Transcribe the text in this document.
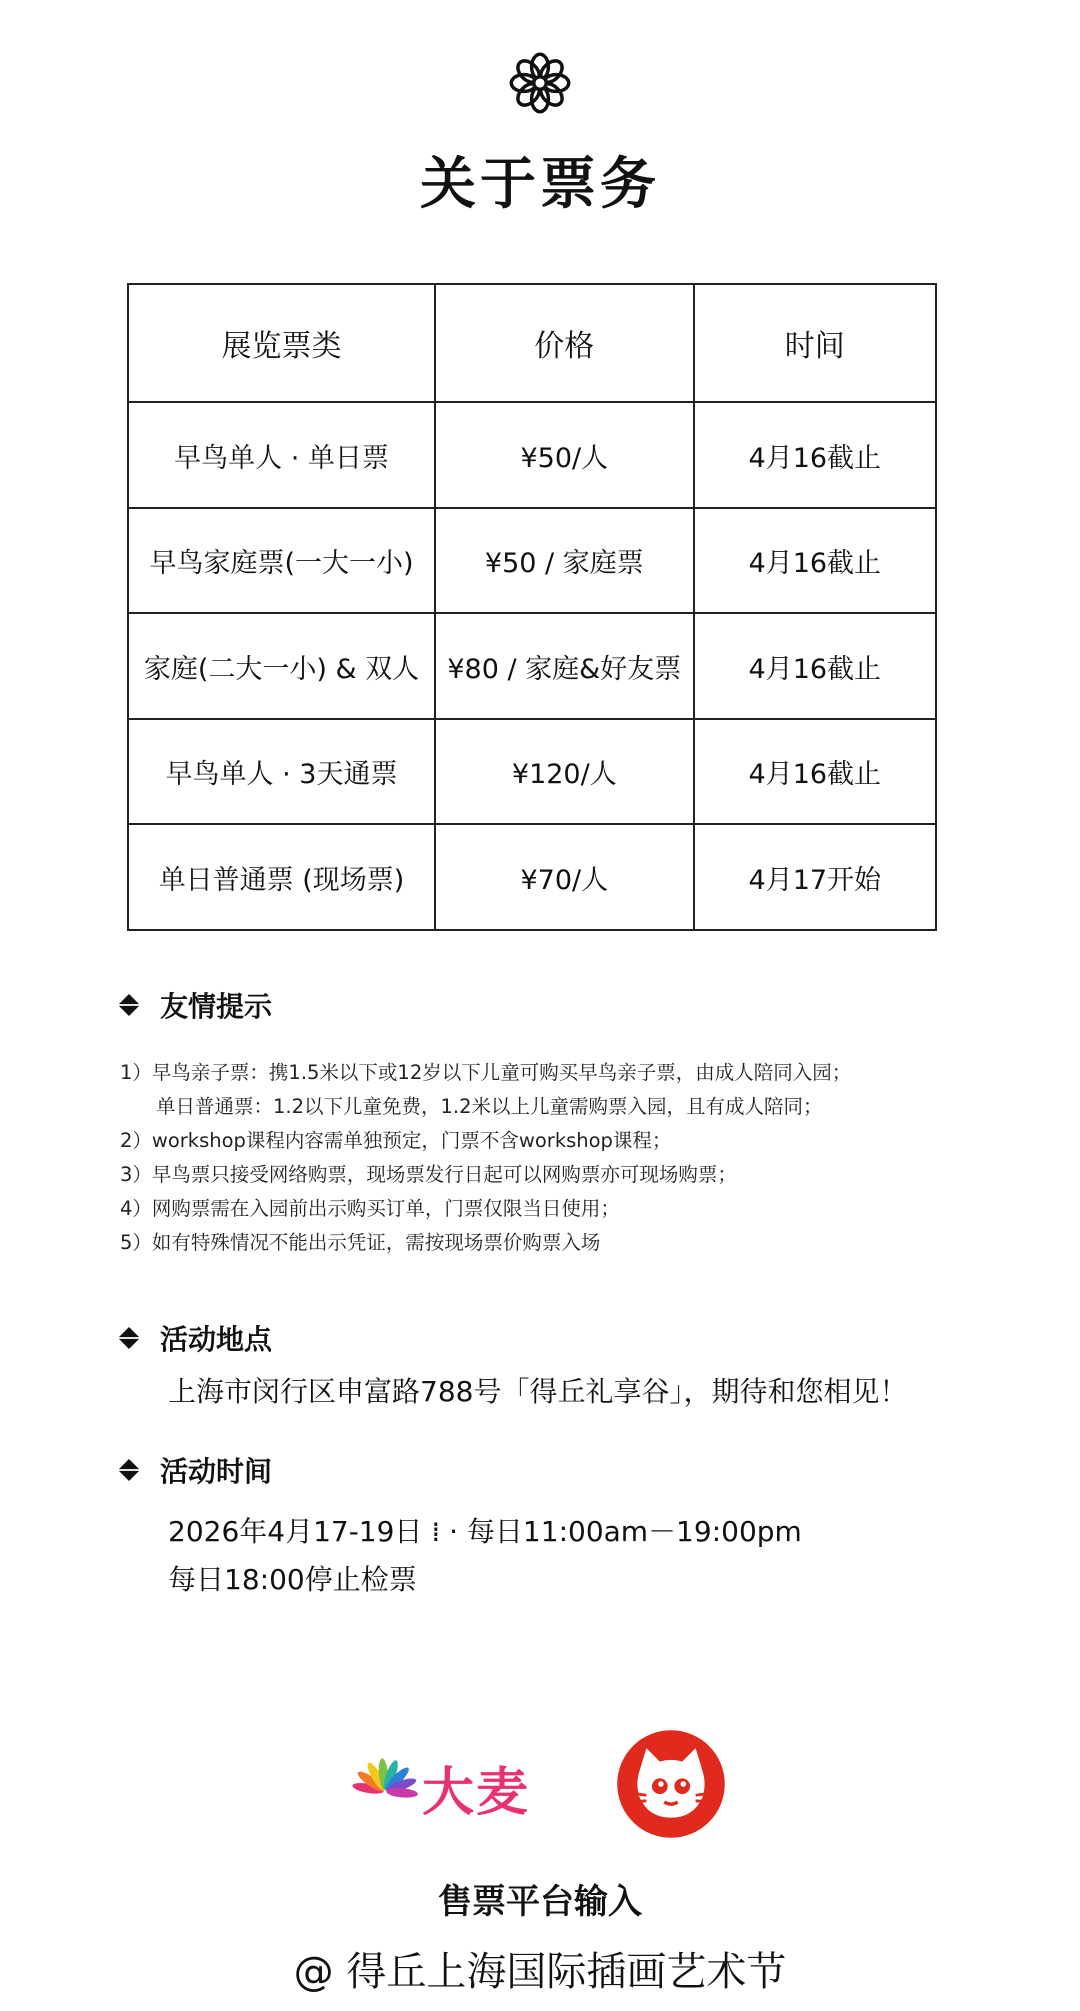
关于票务
展览票类	价格	时间
早鸟单人 · 单日票	¥50/人	4月16截止
早鸟家庭票(一大一小)	¥50 / 家庭票	4月16截止
家庭(二大一小) & 双人	¥80 / 家庭&好友票	4月16截止
早鸟单人 · 3天通票	¥120/人	4月16截止
单日普通票 (现场票)	¥70/人	4月17开始
友情提示
1）早鸟亲子票：携1.5米以下或12岁以下儿童可购买早鸟亲子票，由成人陪同入园；
单日普通票：1.2以下儿童免费，1.2米以上儿童需购票入园，且有成人陪同；
2）workshop课程内容需单独预定，门票不含workshop课程；
3）早鸟票只接受网络购票，现场票发行日起可以网购票亦可现场购票；
4）网购票需在入园前出示购买订单，门票仅限当日使用；
5）如有特殊情况不能出示凭证，需按现场票价购票入场
活动地点
上海市闵行区申富路788号「得丘礼享谷」，期待和您相见！
活动时间
2026年4月17-19日 ⁞ · 每日11:00am－19:00pm
每日18:00停止检票
大麦
售票平台输入
@ 得丘上海国际插画艺术节
